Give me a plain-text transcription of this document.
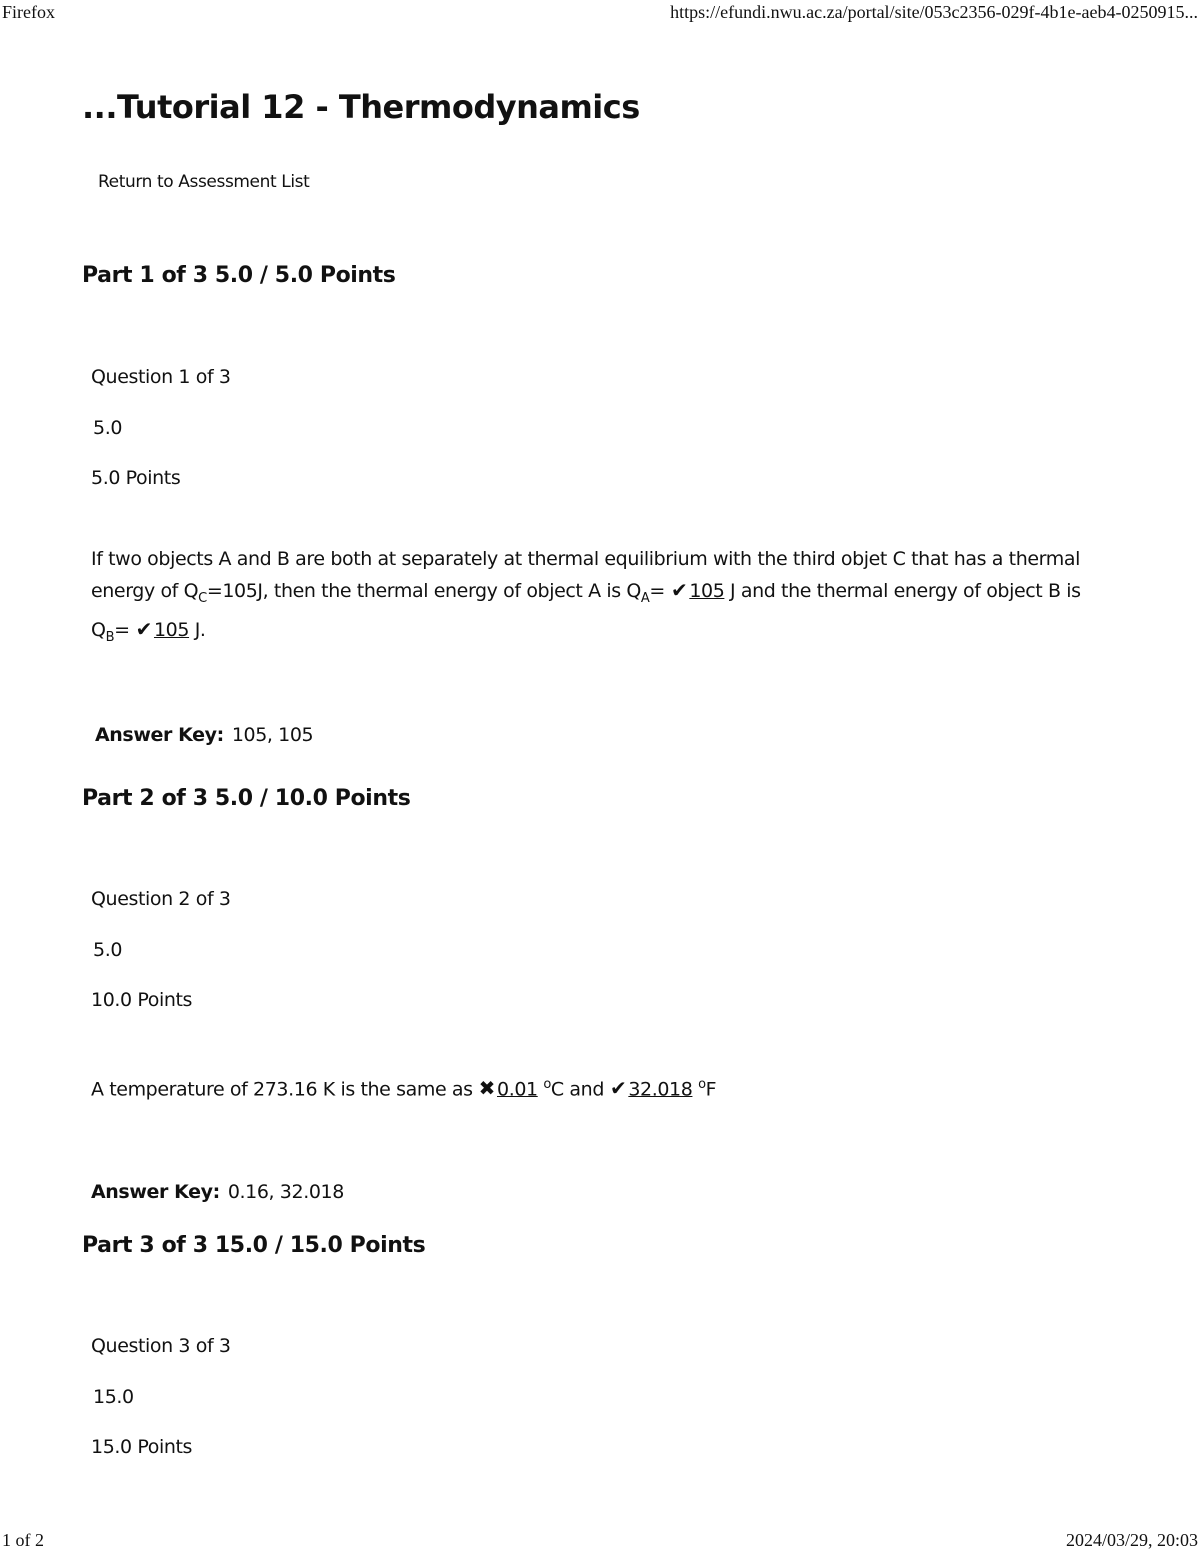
Firefox	https://efundi.nwu.ac.za/portal/site/053c2356-029f-4b1e-aeb4-0250915...
...Tutorial 12 - Thermodynamics
Return to Assessment List
Part 1 of 3 5.0 / 5.0 Points
Question 1 of 3
5.0
5.0 Points
If two objects A and B are both at separately at thermal equilibrium with the third objet C that has a thermal energy of $Q_C=105J$, then the thermal energy of object A is $Q_A=$ ✔ 105 J and the thermal energy of object B is $Q_B=$ ✔ 105 J.
Answer Key: 105, 105
Part 2 of 3 5.0 / 10.0 Points
Question 2 of 3
5.0
10.0 Points
A temperature of 273.16 K is the same as ✖ 0.01 $^o$C and ✔ 32.018 $^o$F
Answer Key: 0.16, 32.018
Part 3 of 3 15.0 / 15.0 Points
Question 3 of 3
15.0
15.0 Points
1 of 2	2024/03/29, 20:03
